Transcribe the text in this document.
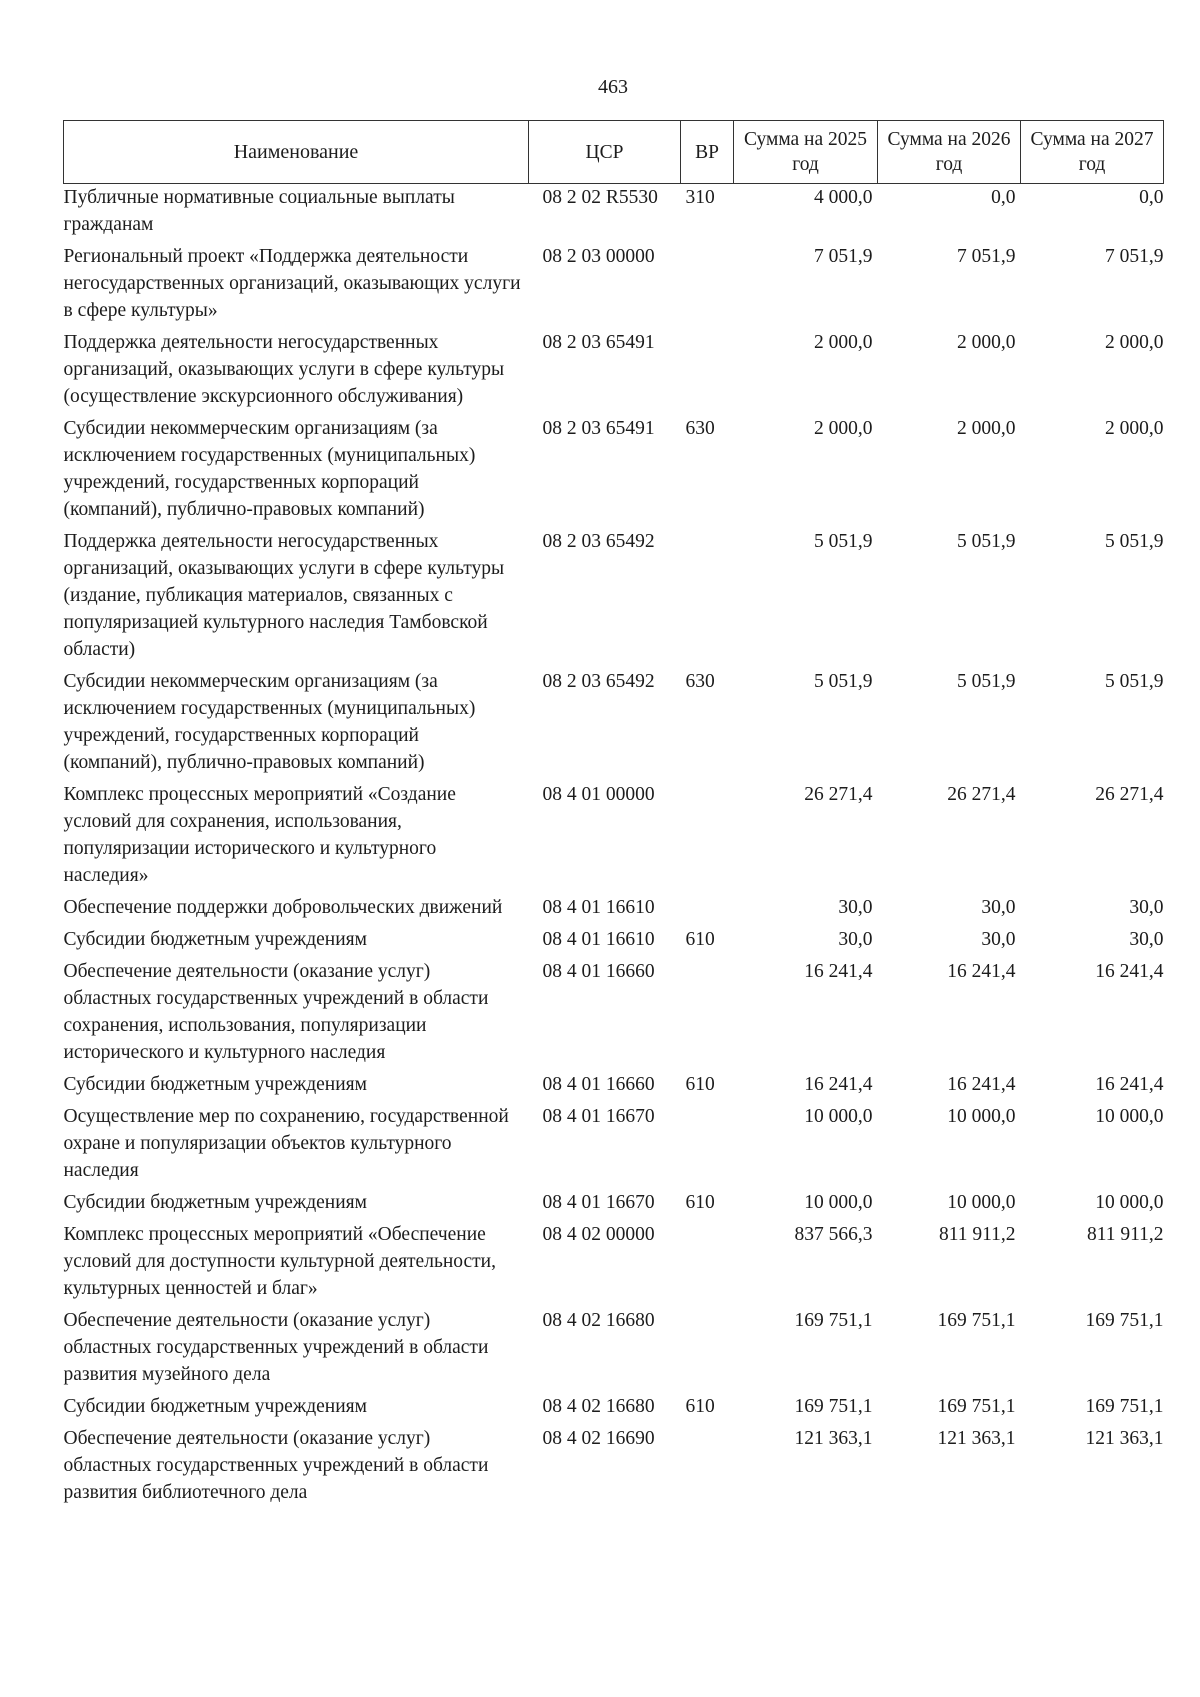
463
Наименование	ЦСР	ВР	Сумма на 2025 год	Сумма на 2026 год	Сумма на 2027 год
Публичные нормативные социальные выплаты гражданам	08 2 02 R5530	310	4 000,0	0,0	0,0
Региональный проект «Поддержка деятельности негосударственных организаций, оказывающих услуги в сфере культуры»	08 2 03 00000		7 051,9	7 051,9	7 051,9
Поддержка деятельности негосударственных организаций, оказывающих услуги в сфере культуры (осуществление экскурсионного обслуживания)	08 2 03 65491		2 000,0	2 000,0	2 000,0
Субсидии некоммерческим организациям (за исключением государственных (муниципальных) учреждений, государственных корпораций (компаний), публично-правовых компаний)	08 2 03 65491	630	2 000,0	2 000,0	2 000,0
Поддержка деятельности негосударственных организаций, оказывающих услуги в сфере культуры (издание, публикация материалов, связанных с популяризацией культурного наследия Тамбовской области)	08 2 03 65492		5 051,9	5 051,9	5 051,9
Субсидии некоммерческим организациям (за исключением государственных (муниципальных) учреждений, государственных корпораций (компаний), публично-правовых компаний)	08 2 03 65492	630	5 051,9	5 051,9	5 051,9
Комплекс процессных мероприятий «Создание условий для сохранения, использования, популяризации исторического и культурного наследия»	08 4 01 00000		26 271,4	26 271,4	26 271,4
Обеспечение поддержки добровольческих движений	08 4 01 16610		30,0	30,0	30,0
Субсидии бюджетным учреждениям	08 4 01 16610	610	30,0	30,0	30,0
Обеспечение деятельности (оказание услуг) областных государственных учреждений в области сохранения, использования, популяризации исторического и культурного наследия	08 4 01 16660		16 241,4	16 241,4	16 241,4
Субсидии бюджетным учреждениям	08 4 01 16660	610	16 241,4	16 241,4	16 241,4
Осуществление мер по сохранению, государственной охране и популяризации объектов культурного наследия	08 4 01 16670		10 000,0	10 000,0	10 000,0
Субсидии бюджетным учреждениям	08 4 01 16670	610	10 000,0	10 000,0	10 000,0
Комплекс процессных мероприятий «Обеспечение условий для доступности культурной деятельности, культурных ценностей и благ»	08 4 02 00000		837 566,3	811 911,2	811 911,2
Обеспечение деятельности (оказание услуг) областных государственных учреждений в области развития музейного дела	08 4 02 16680		169 751,1	169 751,1	169 751,1
Субсидии бюджетным учреждениям	08 4 02 16680	610	169 751,1	169 751,1	169 751,1
Обеспечение деятельности (оказание услуг) областных государственных учреждений в области развития библиотечного дела	08 4 02 16690		121 363,1	121 363,1	121 363,1
